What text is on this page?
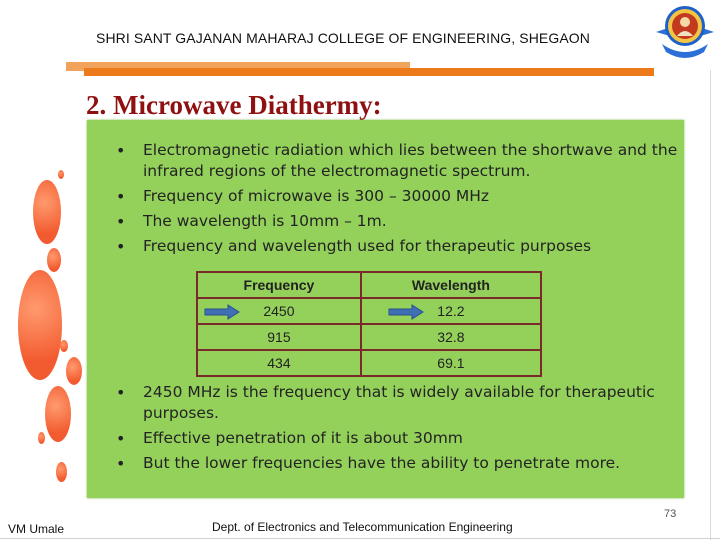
SHRI SANT GAJANAN MAHARAJ COLLEGE OF ENGINEERING, SHEGAON
2. Microwave Diathermy:
• Electromagnetic radiation which lies between the shortwave and the infrared regions of the electromagnetic spectrum.
• Frequency of microwave is 300 – 30000 MHz
• The wavelength is 10mm – 1m.
• Frequency and wavelength used for therapeutic purposes
Frequency	Wavelength
2450	12.2
915	32.8
434	69.1
• 2450 MHz is the frequency that is widely available for therapeutic purposes.
• Effective penetration of it is about 30mm
• But the lower frequencies have the ability to penetrate more.
73
VM Umale	Dept. of Electronics and Telecommunication Engineering
